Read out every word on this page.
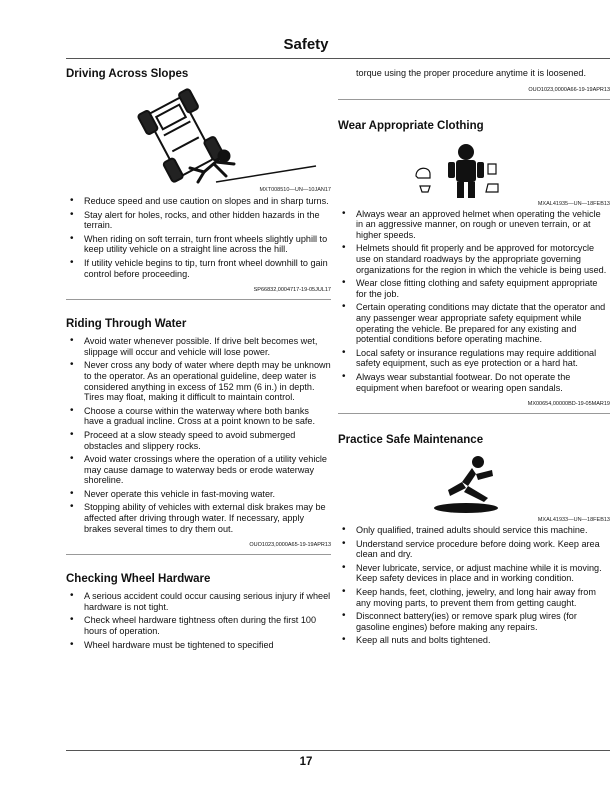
Safety
Driving Across Slopes
MXT008510—UN—10JAN17
• Reduce speed and use caution on slopes and in sharp turns.
• Stay alert for holes, rocks, and other hidden hazards in the terrain.
• When riding on soft terrain, turn front wheels slightly uphill to keep utility vehicle on a straight line across the hill.
• If utility vehicle begins to tip, turn front wheel downhill to gain control before proceeding.
SP66832,0004717-19-05JUL17
Riding Through Water
• Avoid water whenever possible. If drive belt becomes wet, slippage will occur and vehicle will lose power.
• Never cross any body of water where depth may be unknown to the operator. As an operational guideline, deep water is considered anything in excess of 152 mm (6 in.) in depth. Tires may float, making it difficult to maintain control.
• Choose a course within the waterway where both banks have a gradual incline. Cross at a point known to be safe.
• Proceed at a slow steady speed to avoid submerged obstacles and slippery rocks.
• Avoid water crossings where the operation of a utility vehicle may cause damage to waterway beds or erode waterway shoreline.
• Never operate this vehicle in fast-moving water.
• Stopping ability of vehicles with external disk brakes may be affected after driving through water. If necessary, apply brakes several times to dry them out.
OUO1023,0000A65-19-19APR13
Checking Wheel Hardware
• A serious accident could occur causing serious injury if wheel hardware is not tight.
• Check wheel hardware tightness often during the first 100 hours of operation.
• Wheel hardware must be tightened to specified

torque using the proper procedure anytime it is loosened.

OUO1023,0000A66-19-19APR13
Wear Appropriate Clothing
MXAL41935—UN—18FEB13
• Always wear an approved helmet when operating the vehicle in an aggressive manner, on rough or uneven terrain, or at higher speeds.
• Helmets should fit properly and be approved for motorcycle use on standard roadways by the appropriate governing organizations for the region in which the vehicle is being used.
• Wear close fitting clothing and safety equipment appropriate for the job.
• Certain operating conditions may dictate that the operator and any passenger wear appropriate safety equipment while operating the vehicle. Be prepared for any existing and potential conditions before operating machine.
• Local safety or insurance regulations may require additional safety equipment, such as eye protection or a hard hat.
• Always wear substantial footwear. Do not operate the equipment when barefoot or wearing open sandals.
MX00654,00000BD-19-05MAR19
Practice Safe Maintenance
MXAL41933—UN—18FEB13
• Only qualified, trained adults should service this machine.
• Understand service procedure before doing work. Keep area clean and dry.
• Never lubricate, service, or adjust machine while it is moving. Keep safety devices in place and in working condition.
• Keep hands, feet, clothing, jewelry, and long hair away from any moving parts, to prevent them from getting caught.
• Disconnect battery(ies) or remove spark plug wires (for gasoline engines) before making any repairs.
• Keep all nuts and bolts tightened.
17
